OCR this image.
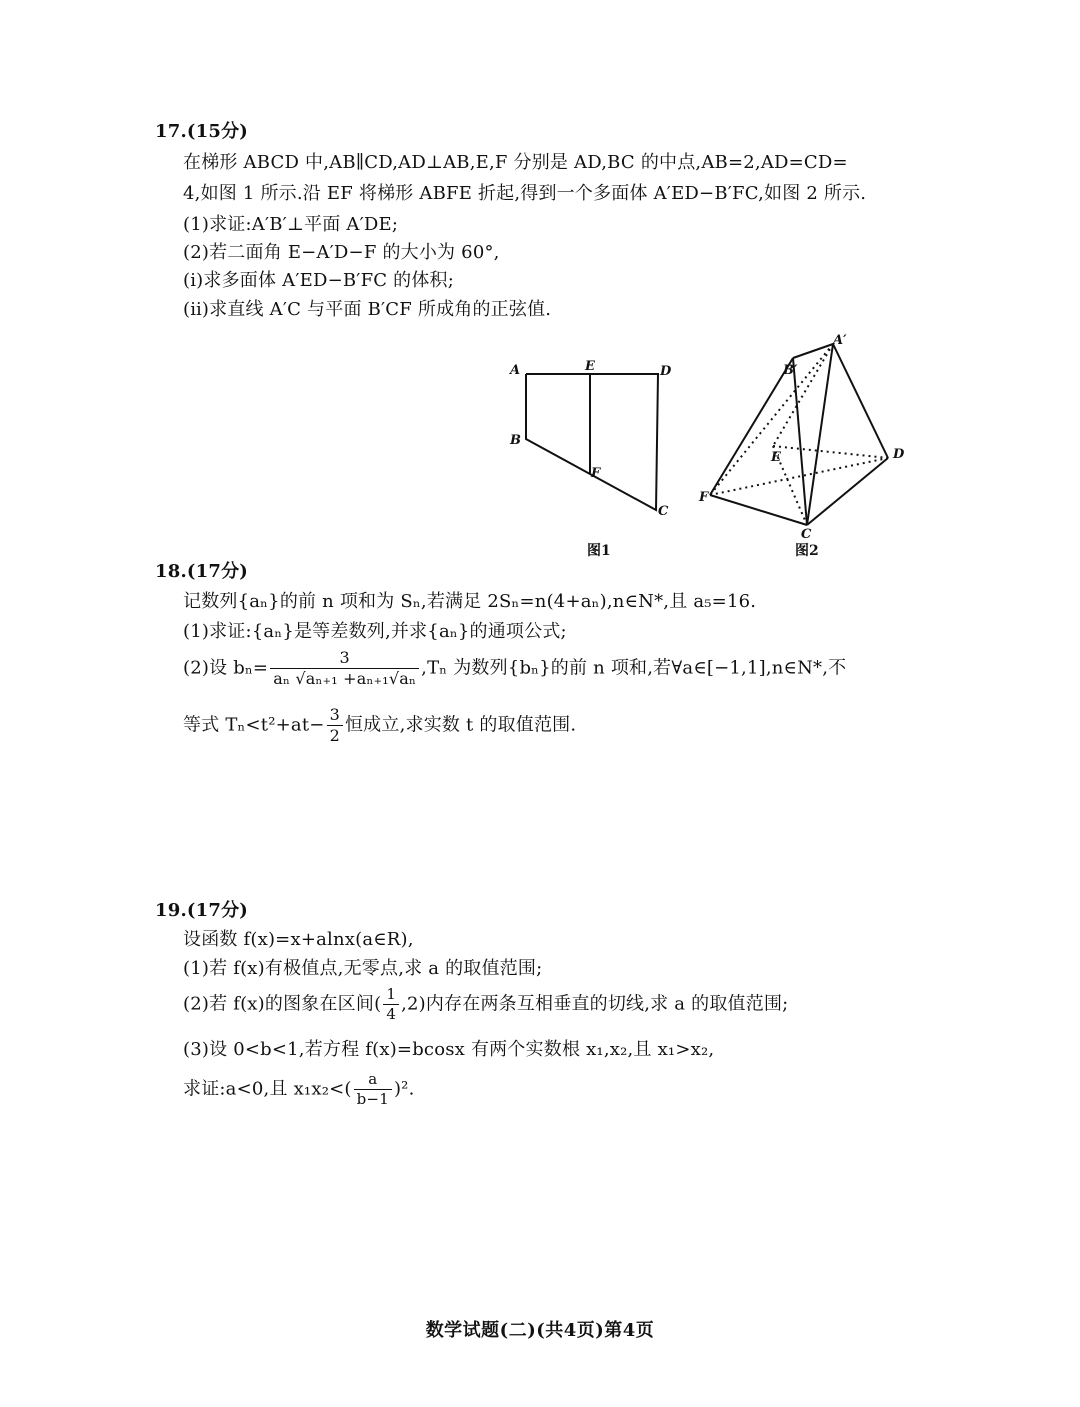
17.(15分)
在梯形 ABCD 中,AB∥CD,AD⊥AB,E,F 分别是 AD,BC 的中点,AB=2,AD=CD=
4,如图 1 所示.沿 EF 将梯形 ABFE 折起,得到一个多面体 A′ED−B′FC,如图 2 所示.
(1)求证:A′B′⊥平面 A′DE;
(2)若二面角 E−A′D−F 的大小为 60°,
(ⅰ)求多面体 A′ED−B′FC 的体积;
(ⅱ)求直线 A′C 与平面 B′CF 所成角的正弦值.
A	E	D
B
F
C
图1
A′
B′
E	D
F
C
图2
18.(17分)
记数列{aₙ}的前 n 项和为 Sₙ,若满足 2Sₙ=n(4+aₙ),n∈N*,且 a₅=16.
(1)求证:{aₙ}是等差数列,并求{aₙ}的通项公式;
(2)设 $b_n= \frac{3}{\text{aₙ √aₙ₊₁ +aₙ₊₁√aₙ}} ,T_n$ 为数列{bₙ}的前 n 项和,若∀a∈[−1,1],n∈N*,不
等式 $T_n<t^2+at- \frac{3}{2}$ 恒成立,求实数 t 的取值范围.
19.(17分)
设函数 f(x)=x+alnx(a∈R),
(1)若 f(x)有极值点,无零点,求 a 的取值范围;
(2)若 f(x)的图象在区间( $\frac{1}{4} ,2$)内存在两条互相垂直的切线,求 a 的取值范围;
(3)设 0<b<1,若方程 f(x)=bcosx 有两个实数根 x₁,x₂,且 x₁>x₂,
求证:a<0,且 $x_1x_2<( \frac{a}{b-1} )^2$.
数学试题(二)(共4页)第4页
